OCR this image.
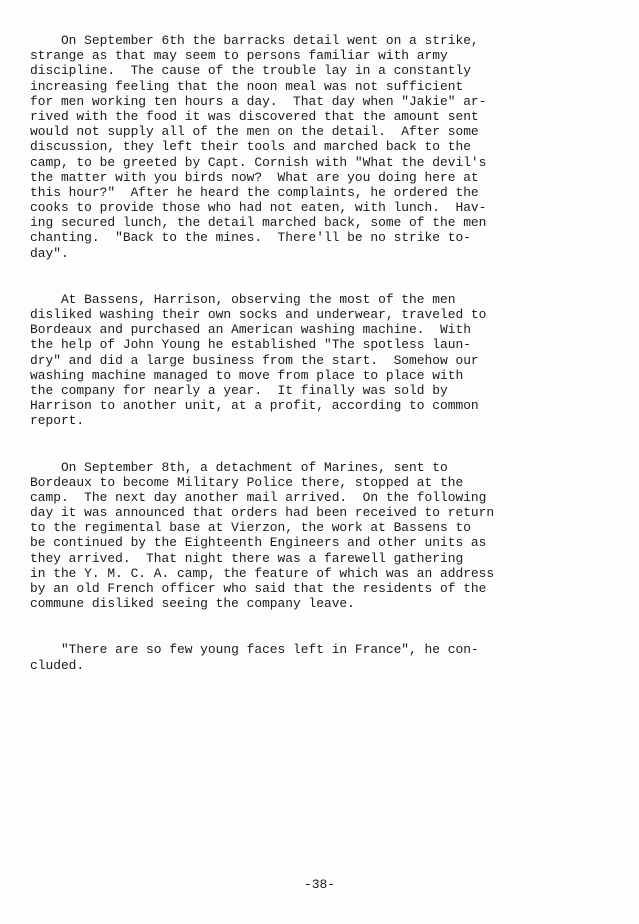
On September 6th the barracks detail went on a strike,
strange as that may seem to persons familiar with army
discipline.  The cause of the trouble lay in a constantly
increasing feeling that the noon meal was not sufficient
for men working ten hours a day.  That day when "Jakie" ar-
rived with the food it was discovered that the amount sent
would not supply all of the men on the detail.  After some
discussion, they left their tools and marched back to the
camp, to be greeted by Capt. Cornish with "What the devil's
the matter with you birds now?  What are you doing here at
this hour?"  After he heard the complaints, he ordered the
cooks to provide those who had not eaten, with lunch.  Hav-
ing secured lunch, the detail marched back, some of the men
chanting.  "Back to the mines.  There'll be no strike to-
day".
At Bassens, Harrison, observing the most of the men
disliked washing their own socks and underwear, traveled to
Bordeaux and purchased an American washing machine.  With
the help of John Young he established "The spotless laun-
dry" and did a large business from the start.  Somehow our
washing machine managed to move from place to place with
the company for nearly a year.  It finally was sold by
Harrison to another unit, at a profit, according to common
report.
On September 8th, a detachment of Marines, sent to
Bordeaux to become Military Police there, stopped at the
camp.  The next day another mail arrived.  On the following
day it was announced that orders had been received to return
to the regimental base at Vierzon, the work at Bassens to
be continued by the Eighteenth Engineers and other units as
they arrived.  That night there was a farewell gathering
in the Y. M. C. A. camp, the feature of which was an address
by an old French officer who said that the residents of the
commune disliked seeing the company leave.
"There are so few young faces left in France", he con-
cluded.
-38-
